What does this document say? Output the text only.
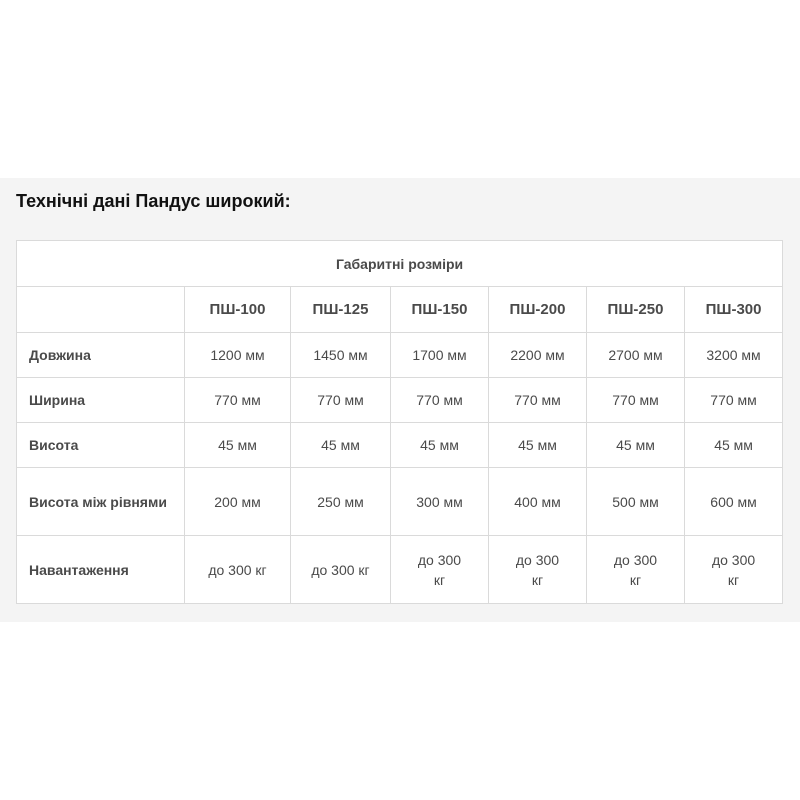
Технічні дані Пандус широкий:
Габаритні розміри						
	ПШ-100	ПШ-125	ПШ-150	ПШ-200	ПШ-250	ПШ-300
Довжина	1200 мм	1450 мм	1700 мм	2200 мм	2700 мм	3200 мм
Ширина	770 мм	770 мм	770 мм	770 мм	770 мм	770 мм
Висота	45 мм	45 мм	45 мм	45 мм	45 мм	45 мм
Висота між рівнями	200 мм	250 мм	300 мм	400 мм	500 мм	600 мм
Навантаження	до 300 кг	до 300 кг	до 300 кг	до 300 кг	до 300 кг	до 300 кг
